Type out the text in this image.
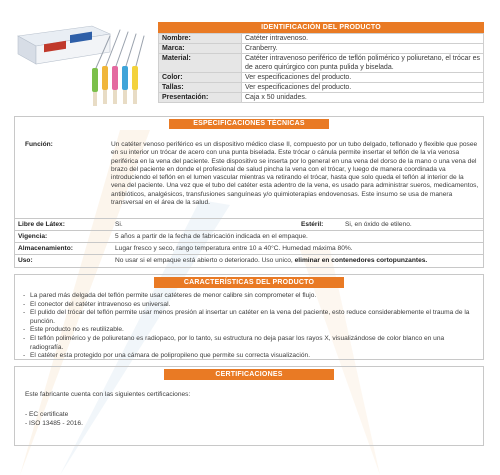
IDENTIFICACIÓN DEL PRODUCTO
Nombre:	Catéter intravenoso.
Marca:	Cranberry.
Material:	Catéter intravenoso periférico de teflón polimérico y poliuretano, el trócar es de acero quirúrgico con punta pulida y biselada.
Color:	Ver especificaciones del producto.
Tallas:	Ver especificaciones del producto.
Presentación:	Caja x 50 unidades.
ESPECIFICACIONES TÉCNICAS
Función:	Un catéter venoso periférico es un dispositivo médico clase II, compuesto por un tubo delgado, teflonado y flexible que posee en su interior un trócar de acero con una punta biselada. Este trócar o cánula permite insertar el teflón de la vía venosa periférica en la vena del paciente. Este dispositivo se inserta por lo general en una vena del dorso de la mano o una vena del brazo del paciente en donde el profesional de salud pincha la vena con el trócar, y luego de manera coordinada va introduciendo el teflón en el lumen vascular mientras va retirando el trócar, hasta que solo queda el teflón al interior de la vena del paciente. Una vez que el tubo del catéter esta adentro de la vena, es usado para administrar sueros, medicamentos, antibióticos, analgésicos, transfusiones sanguíneas y/o quimioterapias endovenosas. Este insumo se usa de manera transversal en el área de la salud.
Libre de Látex:	Si.	Estéril:	Si, en óxido de etileno.
Vigencia:	5 años a partir de la fecha de fabricación indicada en el empaque.
Almacenamiento:	Lugar fresco y seco, rango temperatura entre 10 a 40°C. Humedad máxima 80%.
Uso:	No usar si el empaque está abierto o deteriorado. Uso unico, eliminar en contenedores cortopunzantes.
CARACTERÍSTICAS DEL PRODUCTO
- La pared más delgada del teflón permite usar catéteres de menor calibre sin comprometer el flujo.
- El conector del catéter intravenoso es universal.
- El pulido del trócar del teflón permite usar menos presión al insertar un catéter en la vena del paciente, esto reduce considerablemente el trauma de la punción.
- Este producto no es reutilizable.
- El teflón polimérico y de poliuretano es radiopaco, por lo tanto, su estructura no deja pasar los rayos X, visualizándose de color blanco en una radiografía.
- El catéter esta protegido por una cámara de polipropileno que permite su correcta visualización.
CERTIFICACIONES
Este fabricante cuenta con las siguientes certificaciones:
- EC certificate
- ISO 13485 - 2016.
